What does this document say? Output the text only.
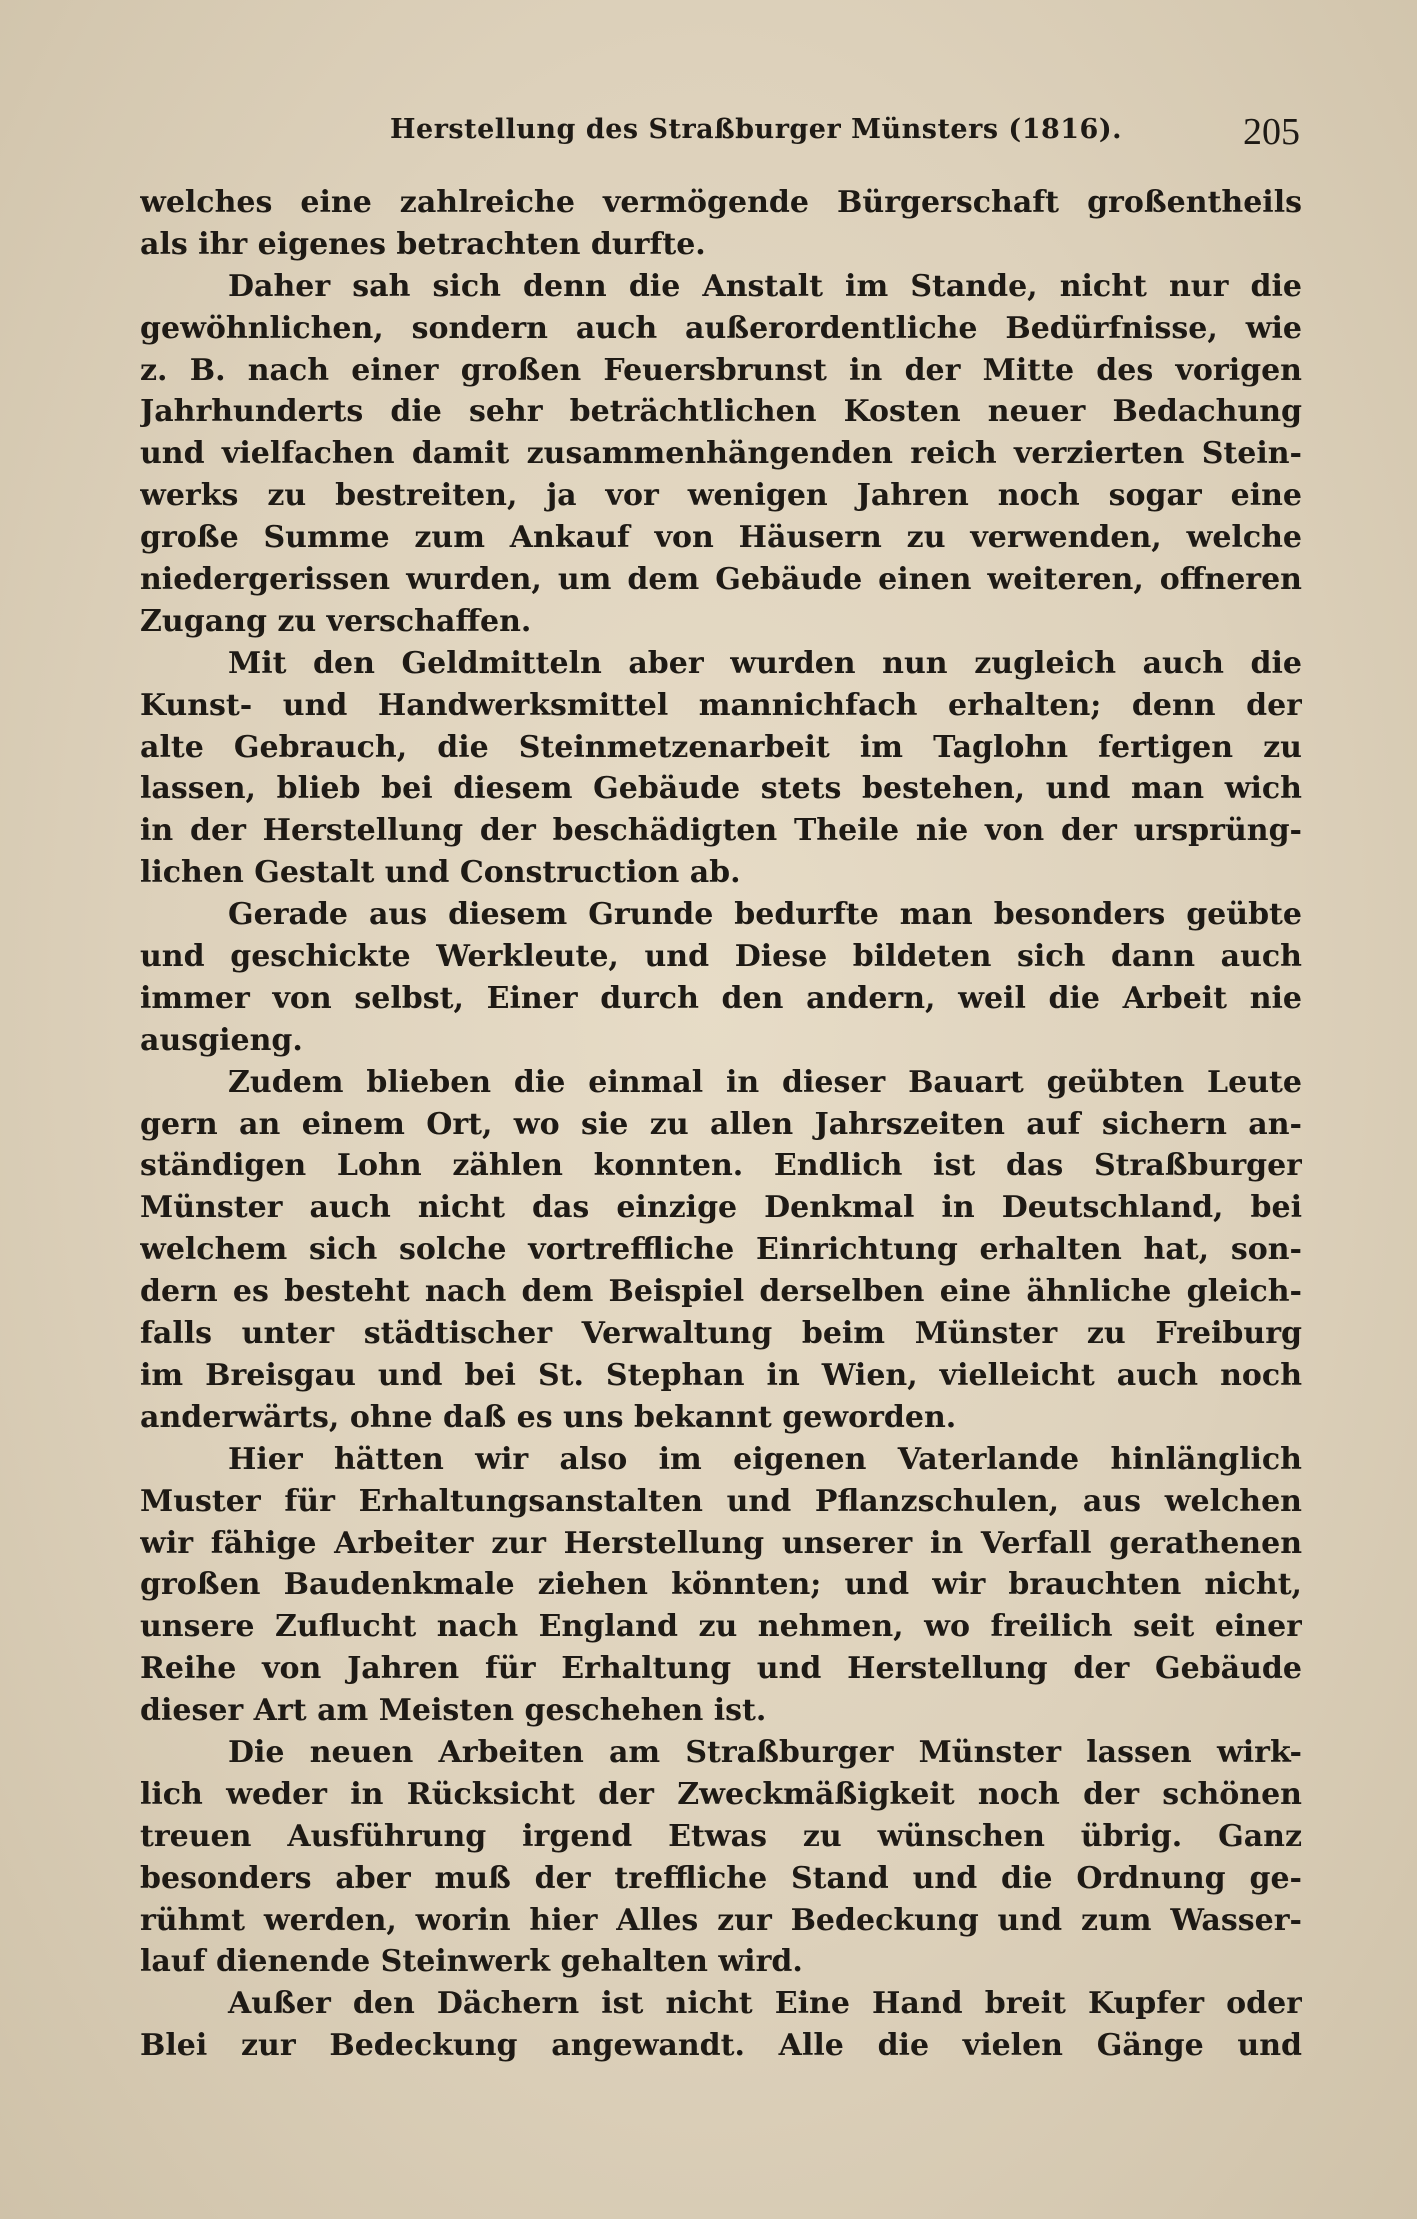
Herstellung des Straßburger Münsters (1816).	205
welches eine zahlreiche vermögende Bürgerschaft großentheils
als ihr eigenes betrachten durfte.
Daher sah sich denn die Anstalt im Stande, nicht nur die
gewöhnlichen, sondern auch außerordentliche Bedürfnisse, wie
z. B. nach einer großen Feuersbrunst in der Mitte des vorigen
Jahrhunderts die sehr beträchtlichen Kosten neuer Bedachung
und vielfachen damit zusammenhängenden reich verzierten Stein-
werks zu bestreiten, ja vor wenigen Jahren noch sogar eine
große Summe zum Ankauf von Häusern zu verwenden, welche
niedergerissen wurden, um dem Gebäude einen weiteren, offneren
Zugang zu verschaffen.
Mit den Geldmitteln aber wurden nun zugleich auch die
Kunst- und Handwerksmittel mannichfach erhalten; denn der
alte Gebrauch, die Steinmetzenarbeit im Taglohn fertigen zu
lassen, blieb bei diesem Gebäude stets bestehen, und man wich
in der Herstellung der beschädigten Theile nie von der ursprüng-
lichen Gestalt und Construction ab.
Gerade aus diesem Grunde bedurfte man besonders geübte
und geschickte Werkleute, und Diese bildeten sich dann auch
immer von selbst, Einer durch den andern, weil die Arbeit nie
ausgieng.
Zudem blieben die einmal in dieser Bauart geübten Leute
gern an einem Ort, wo sie zu allen Jahrszeiten auf sichern an-
ständigen Lohn zählen konnten. Endlich ist das Straßburger
Münster auch nicht das einzige Denkmal in Deutschland, bei
welchem sich solche vortreffliche Einrichtung erhalten hat, son-
dern es besteht nach dem Beispiel derselben eine ähnliche gleich-
falls unter städtischer Verwaltung beim Münster zu Freiburg
im Breisgau und bei St. Stephan in Wien, vielleicht auch noch
anderwärts, ohne daß es uns bekannt geworden.
Hier hätten wir also im eigenen Vaterlande hinlänglich
Muster für Erhaltungsanstalten und Pflanzschulen, aus welchen
wir fähige Arbeiter zur Herstellung unserer in Verfall gerathenen
großen Baudenkmale ziehen könnten; und wir brauchten nicht,
unsere Zuflucht nach England zu nehmen, wo freilich seit einer
Reihe von Jahren für Erhaltung und Herstellung der Gebäude
dieser Art am Meisten geschehen ist.
Die neuen Arbeiten am Straßburger Münster lassen wirk-
lich weder in Rücksicht der Zweckmäßigkeit noch der schönen
treuen Ausführung irgend Etwas zu wünschen übrig. Ganz
besonders aber muß der treffliche Stand und die Ordnung ge-
rühmt werden, worin hier Alles zur Bedeckung und zum Wasser-
lauf dienende Steinwerk gehalten wird.
Außer den Dächern ist nicht Eine Hand breit Kupfer oder
Blei zur Bedeckung angewandt. Alle die vielen Gänge und
